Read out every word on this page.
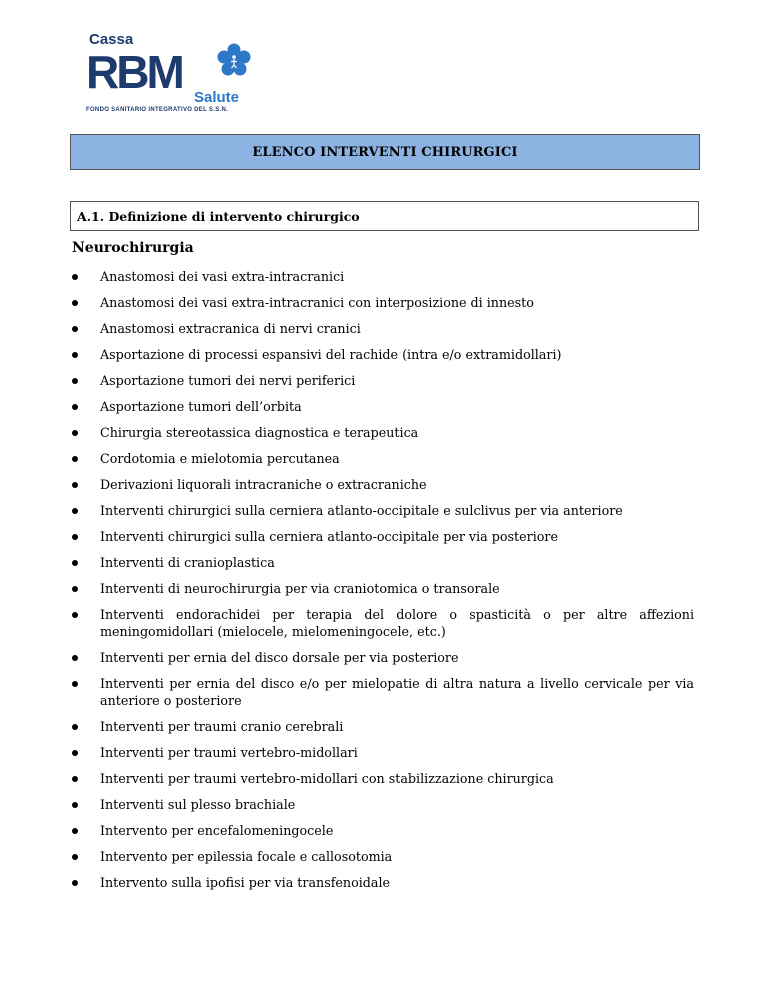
Cassa
RBM Salute
FONDO SANITARIO INTEGRATIVO DEL S.S.N.
ELENCO INTERVENTI CHIRURGICI
A.1. Definizione di intervento chirurgico
Neurochirurgia
Anastomosi dei vasi extra-intracranici
Anastomosi dei vasi extra-intracranici con interposizione di innesto
Anastomosi extracranica di nervi cranici
Asportazione di processi espansivi del rachide (intra e/o extramidollari)
Asportazione tumori dei nervi periferici
Asportazione tumori dell’orbita
Chirurgia stereotassica diagnostica e terapeutica
Cordotomia e mielotomia percutanea
Derivazioni liquorali intracraniche o extracraniche
Interventi chirurgici sulla cerniera atlanto-occipitale e sulclivus per via anteriore
Interventi chirurgici sulla cerniera atlanto-occipitale per via posteriore
Interventi di cranioplastica
Interventi di neurochirurgia per via craniotomica o transorale
Interventi endorachidei per terapia del dolore o spasticità o per altre affezioni meningomidollari (mielocele, mielomeningocele, etc.)
Interventi per ernia del disco dorsale per via posteriore
Interventi per ernia del disco e/o per mielopatie di altra natura a livello cervicale per via anteriore o posteriore
Interventi per traumi cranio cerebrali
Interventi per traumi vertebro-midollari
Interventi per traumi vertebro-midollari con stabilizzazione chirurgica
Interventi sul plesso brachiale
Intervento per encefalomeningocele
Intervento per epilessia focale e callosotomia
Intervento sulla ipofisi per via transfenoidale
